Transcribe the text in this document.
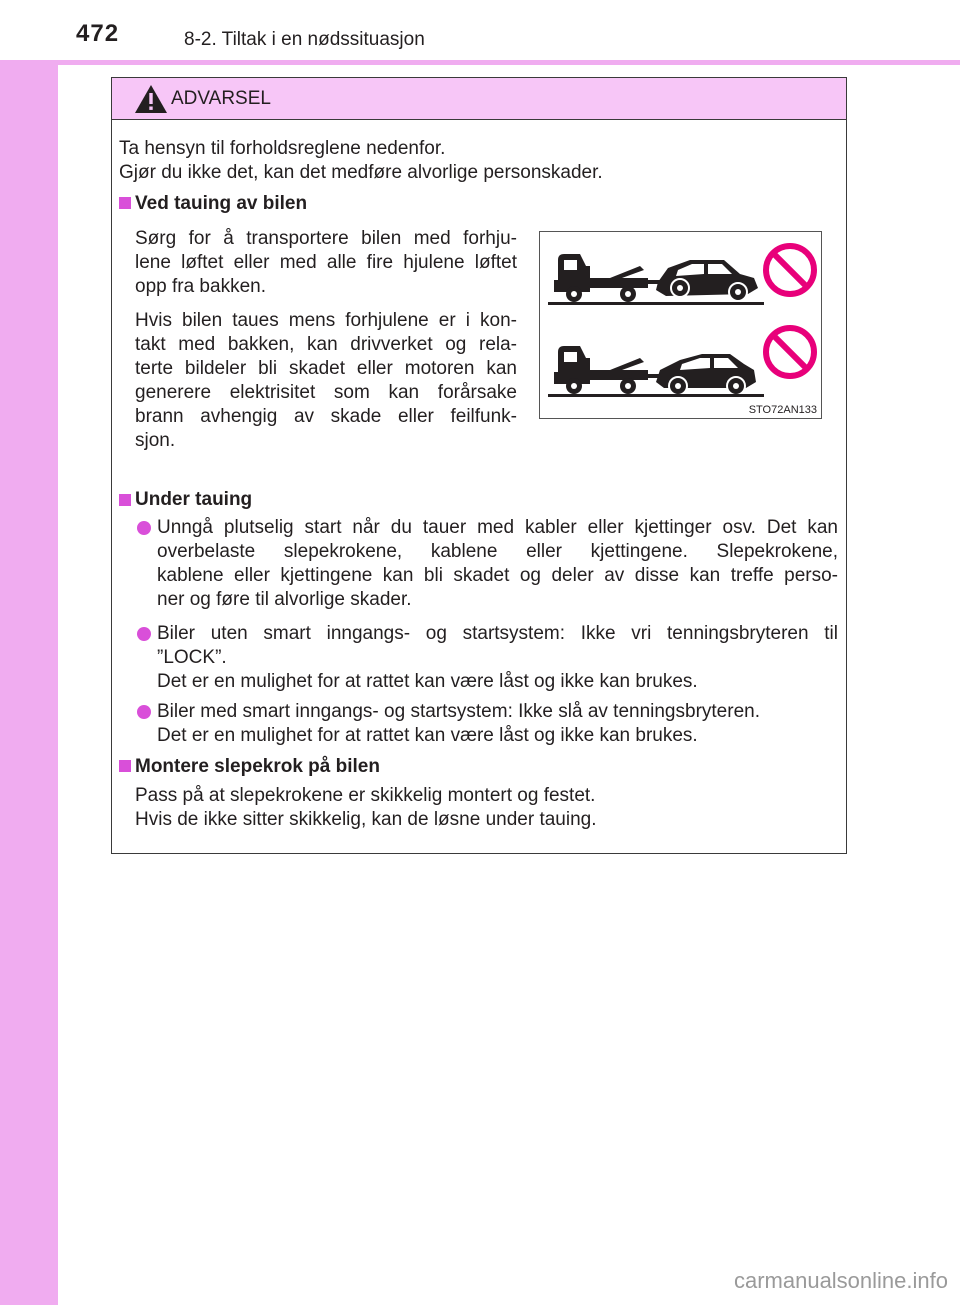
472	8-2. Tiltak i en nødssituasjon
ADVARSEL

Ta hensyn til forholdsreglene nedenfor.

Gjør du ikke det, kan det medføre alvorlige personskader.

Ved tauing av bilen

Sørg for å transportere bilen med forhju-

lene løftet eller med alle fire hjulene løftet

opp fra bakken.

Hvis bilen taues mens forhjulene er i kon-

takt med bakken, kan drivverket og rela-

terte bildeler bli skadet eller motoren kan

generere elektrisitet som kan forårsake

brann avhengig av skade eller feilfunk-

sjon.

STO72AN133

Under tauing

Unngå plutselig start når du tauer med kabler eller kjettinger osv. Det kan

overbelaste slepekrokene, kablene eller kjettingene. Slepekrokene,

kablene eller kjettingene kan bli skadet og deler av disse kan treffe perso-

ner og føre til alvorlige skader.

Biler uten smart inngangs- og startsystem: Ikke vri tenningsbryteren til

”LOCK”.

Det er en mulighet for at rattet kan være låst og ikke kan brukes.

Biler med smart inngangs- og startsystem: Ikke slå av tenningsbryteren.

Det er en mulighet for at rattet kan være låst og ikke kan brukes.

Montere slepekrok på bilen

Pass på at slepekrokene er skikkelig montert og festet.

Hvis de ikke sitter skikkelig, kan de løsne under tauing.

carmanualsonline.info
